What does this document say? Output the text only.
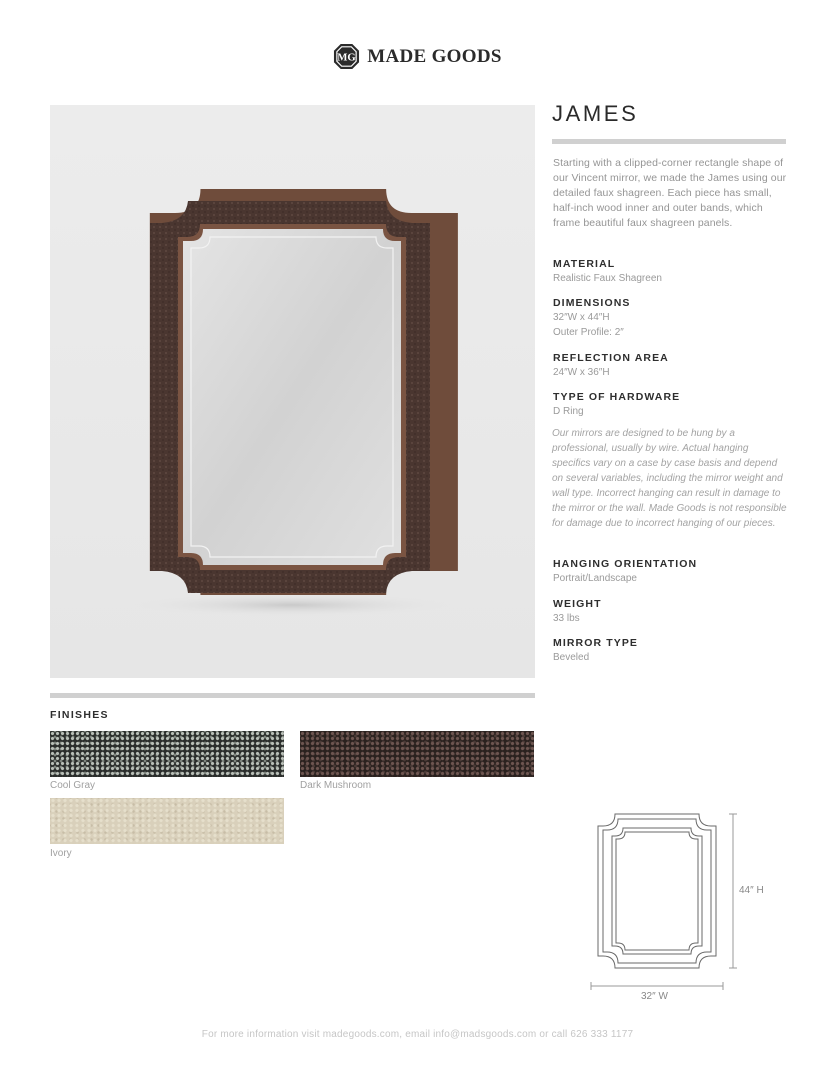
MG MADE GOODS
JAMES

Starting with a clipped-corner rectangle shape of our Vincent mirror, we made the James using our detailed faux shagreen. Each piece has small, half-inch wood inner and outer bands, which frame beautiful faux shagreen panels.

MATERIAL
Realistic Faux Shagreen
DIMENSIONS
32″W x 44″H
Outer Profile: 2″
REFLECTION AREA
24″W x 36″H
TYPE OF HARDWARE
D Ring

Our mirrors are designed to be hung by a professional, usually by wire. Actual hanging specifics vary on a case by case basis and depend on several variables, including the mirror weight and wall type. Incorrect hanging can result in damage to the mirror or the wall. Made Goods is not responsible for damage due to incorrect hanging of our pieces.

HANGING ORIENTATION
Portrait/Landscape
WEIGHT
33 lbs
MIRROR TYPE
Beveled
FINISHES
Cool Gray	Dark Mushroom
Ivory
44″ H
32″ W
For more information visit madegoods.com, email info@madsgoods.com or call 626 333 1177
